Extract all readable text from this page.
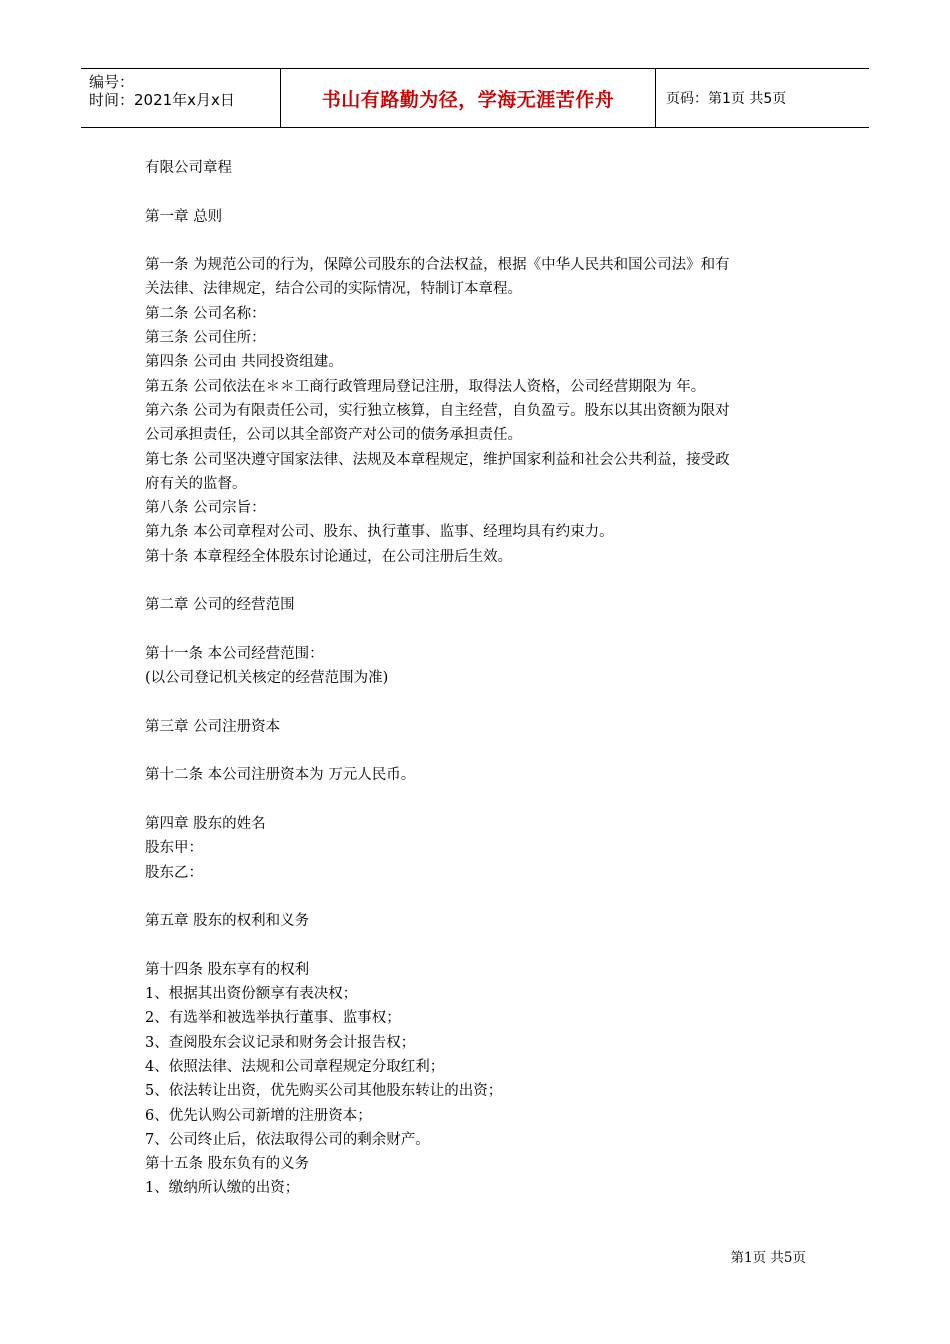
编号：
时间：2021年x月x日	书山有路勤为径，学海无涯苦作舟	页码：第1页 共5页

有限公司章程

第一章 总则

第一条 为规范公司的行为，保障公司股东的合法权益，根据《中华人民共和国公司法》和有

关法律、法律规定，结合公司的实际情况，特制订本章程。

第二条 公司名称：

第三条 公司住所：

第四条 公司由 共同投资组建。

第五条 公司依法在＊＊工商行政管理局登记注册，取得法人资格，公司经营期限为 年。

第六条 公司为有限责任公司，实行独立核算，自主经营，自负盈亏。股东以其出资额为限对

公司承担责任，公司以其全部资产对公司的债务承担责任。

第七条 公司坚决遵守国家法律、法规及本章程规定，维护国家利益和社会公共利益，接受政

府有关的监督。

第八条 公司宗旨：

第九条 本公司章程对公司、股东、执行董事、监事、经理均具有约束力。

第十条 本章程经全体股东讨论通过，在公司注册后生效。

第二章 公司的经营范围

第十一条 本公司经营范围：

(以公司登记机关核定的经营范围为准)

第三章 公司注册资本

第十二条 本公司注册资本为 万元人民币。

第四章 股东的姓名

股东甲：

股东乙：

第五章 股东的权利和义务

第十四条 股东享有的权利

1、根据其出资份额享有表决权；

2、有选举和被选举执行董事、监事权；

3、查阅股东会议记录和财务会计报告权；

4、依照法律、法规和公司章程规定分取红利；

5、依法转让出资，优先购买公司其他股东转让的出资；

6、优先认购公司新增的注册资本；

7、公司终止后，依法取得公司的剩余财产。

第十五条 股东负有的义务

1、缴纳所认缴的出资；

第1页 共5页
